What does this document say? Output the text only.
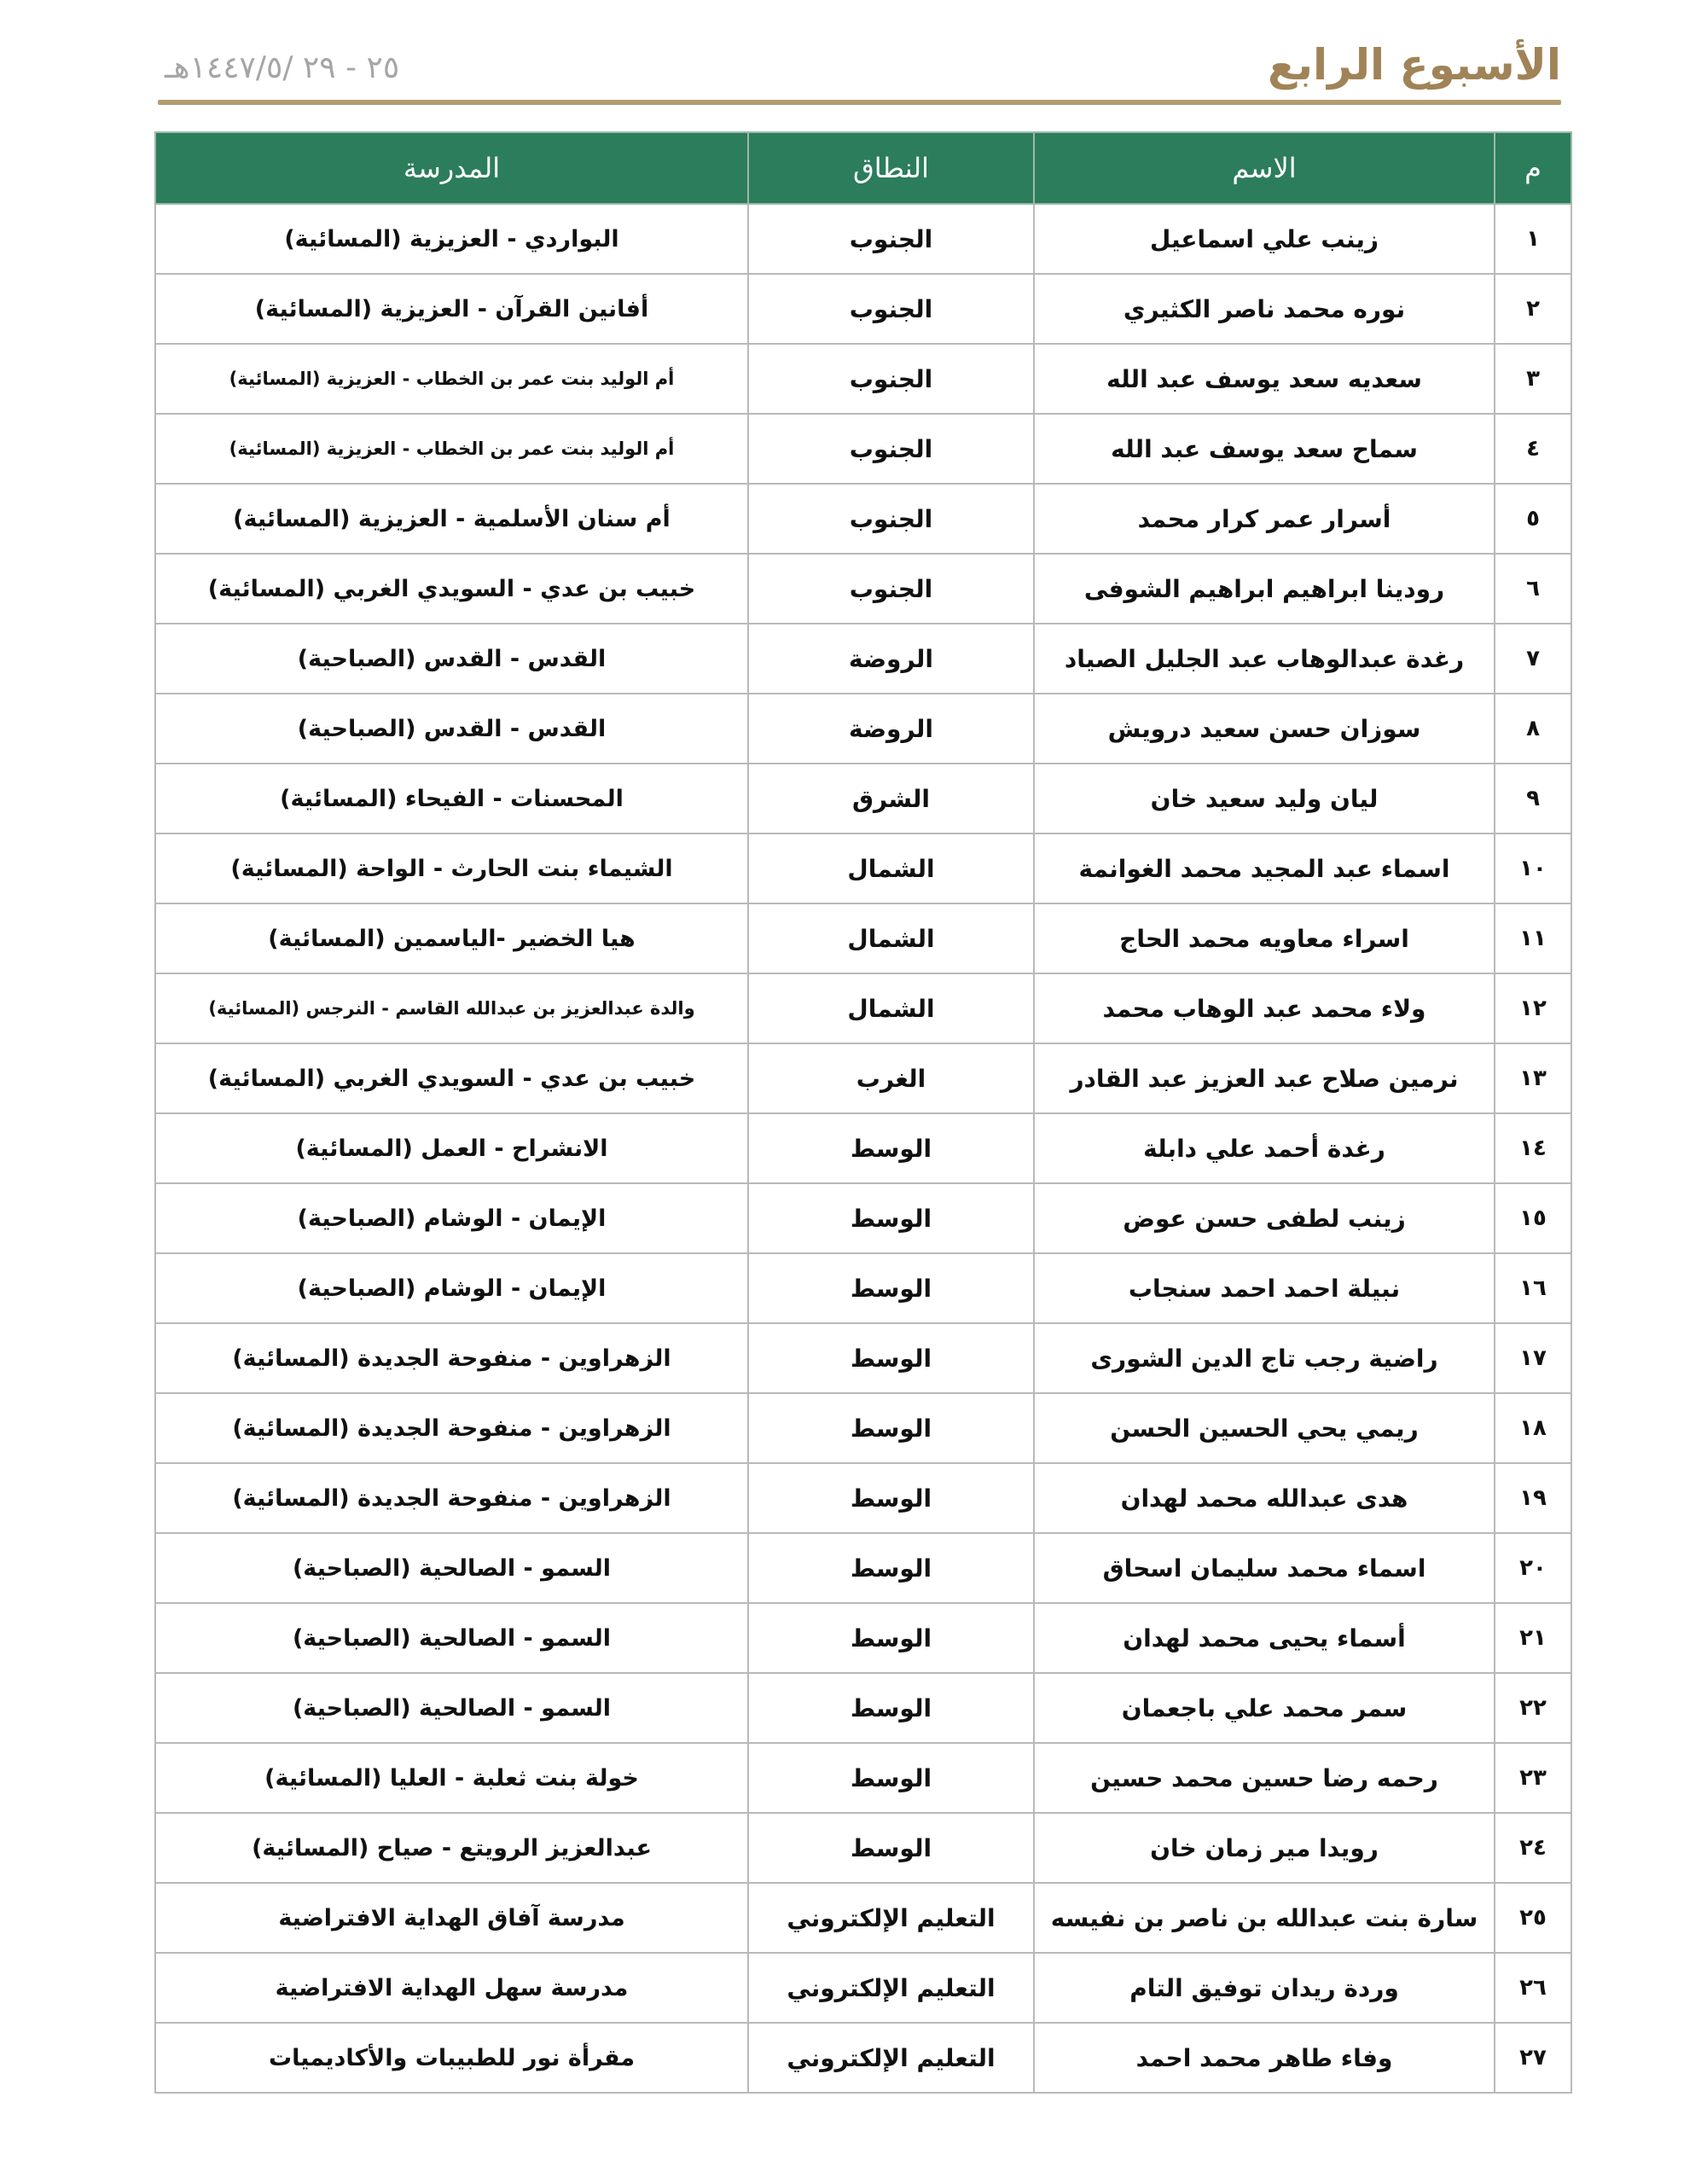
الأسبوع الرابع
٢٥ - ٢٩ /١٤٤٧/٥هـ
م	الاسم	النطاق	المدرسة
١	زينب علي اسماعيل	الجنوب	البواردي - العزيزية (المسائية)
٢	نوره محمد ناصر الكثيري	الجنوب	أفانين القرآن - العزيزية (المسائية)
٣	سعديه سعد يوسف عبد الله	الجنوب	أم الوليد بنت عمر بن الخطاب - العزيزية (المسائية)
٤	سماح سعد يوسف عبد الله	الجنوب	أم الوليد بنت عمر بن الخطاب - العزيزية (المسائية)
٥	أسرار عمر كرار محمد	الجنوب	أم سنان الأسلمية - العزيزية (المسائية)
٦	رودينا ابراهيم ابراهيم الشوفى	الجنوب	خبيب بن عدي - السويدي الغربي (المسائية)
٧	رغدة عبدالوهاب عبد الجليل الصياد	الروضة	القدس - القدس (الصباحية)
٨	سوزان حسن سعيد درويش	الروضة	القدس - القدس (الصباحية)
٩	ليان وليد سعيد خان	الشرق	المحسنات - الفيحاء (المسائية)
١٠	اسماء عبد المجيد محمد الغوانمة	الشمال	الشيماء بنت الحارث - الواحة (المسائية)
١١	اسراء معاويه محمد الحاج	الشمال	هيا الخضير -الياسمين (المسائية)
١٢	ولاء محمد عبد الوهاب محمد	الشمال	والدة عبدالعزيز بن عبدالله القاسم - النرجس (المسائية)
١٣	نرمين صلاح عبد العزيز عبد القادر	الغرب	خبيب بن عدي - السويدي الغربي (المسائية)
١٤	رغدة أحمد علي دابلة	الوسط	الانشراح - العمل (المسائية)
١٥	زينب لطفى حسن عوض	الوسط	الإيمان - الوشام (الصباحية)
١٦	نبيلة احمد احمد سنجاب	الوسط	الإيمان - الوشام (الصباحية)
١٧	راضية رجب تاج الدين الشورى	الوسط	الزهراوين - منفوحة الجديدة (المسائية)
١٨	ريمي يحي الحسين الحسن	الوسط	الزهراوين - منفوحة الجديدة (المسائية)
١٩	هدى عبدالله محمد لهدان	الوسط	الزهراوين - منفوحة الجديدة (المسائية)
٢٠	اسماء محمد سليمان اسحاق	الوسط	السمو - الصالحية (الصباحية)
٢١	أسماء يحيى محمد لهدان	الوسط	السمو - الصالحية (الصباحية)
٢٢	سمر محمد علي باجعمان	الوسط	السمو - الصالحية (الصباحية)
٢٣	رحمه رضا حسين محمد حسين	الوسط	خولة بنت ثعلبة - العليا (المسائية)
٢٤	رويدا مير زمان خان	الوسط	عبدالعزيز الرويتع - صياح (المسائية)
٢٥	سارة بنت عبدالله بن ناصر بن نفيسه	التعليم الإلكتروني	مدرسة آفاق الهداية الافتراضية
٢٦	وردة ريدان توفيق التام	التعليم الإلكتروني	مدرسة سهل الهداية الافتراضية
٢٧	وفاء طاهر محمد احمد	التعليم الإلكتروني	مقرأة نور للطبيبات والأكاديميات
